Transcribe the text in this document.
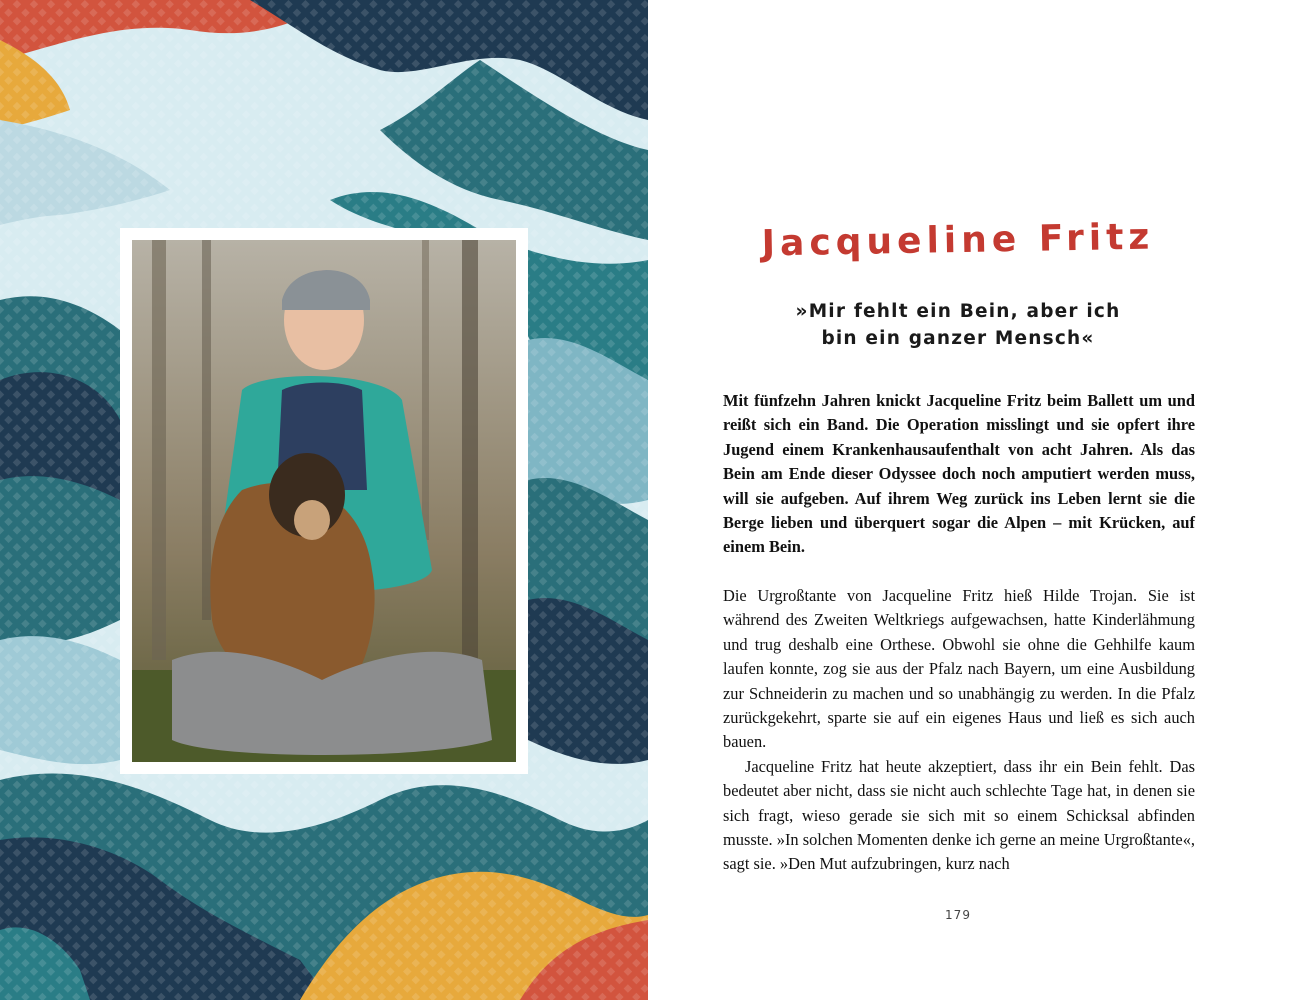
Jacqueline Fritz
»Mir fehlt ein Bein, aber ich
bin ein ganzer Mensch«
Mit fünfzehn Jahren knickt Jacqueline Fritz beim Ballett um und reißt sich ein Band. Die Operation misslingt und sie opfert ihre Jugend einem Krankenhausaufenthalt von acht Jahren. Als das Bein am Ende dieser Odyssee doch noch amputiert werden muss, will sie aufgeben. Auf ihrem Weg zurück ins Leben lernt sie die Berge lieben und überquert sogar die Alpen – mit Krücken, auf einem Bein.

Die Urgroßtante von Jacqueline Fritz hieß Hilde Trojan. Sie ist während des Zweiten Weltkriegs aufgewachsen, hatte Kinderlähmung und trug deshalb eine Orthese. Obwohl sie ohne die Gehhilfe kaum laufen konnte, zog sie aus der Pfalz nach Bayern, um eine Ausbildung zur Schneiderin zu machen und so unabhängig zu werden. In die Pfalz zurückgekehrt, sparte sie auf ein eigenes Haus und ließ es sich auch bauen.

Jacqueline Fritz hat heute akzeptiert, dass ihr ein Bein fehlt. Das bedeutet aber nicht, dass sie nicht auch schlechte Tage hat, in denen sie sich fragt, wieso gerade sie sich mit so einem Schicksal abfinden musste. »In solchen Momenten denke ich gerne an meine Urgroßtante«, sagt sie. »Den Mut aufzubringen, kurz nach

179
